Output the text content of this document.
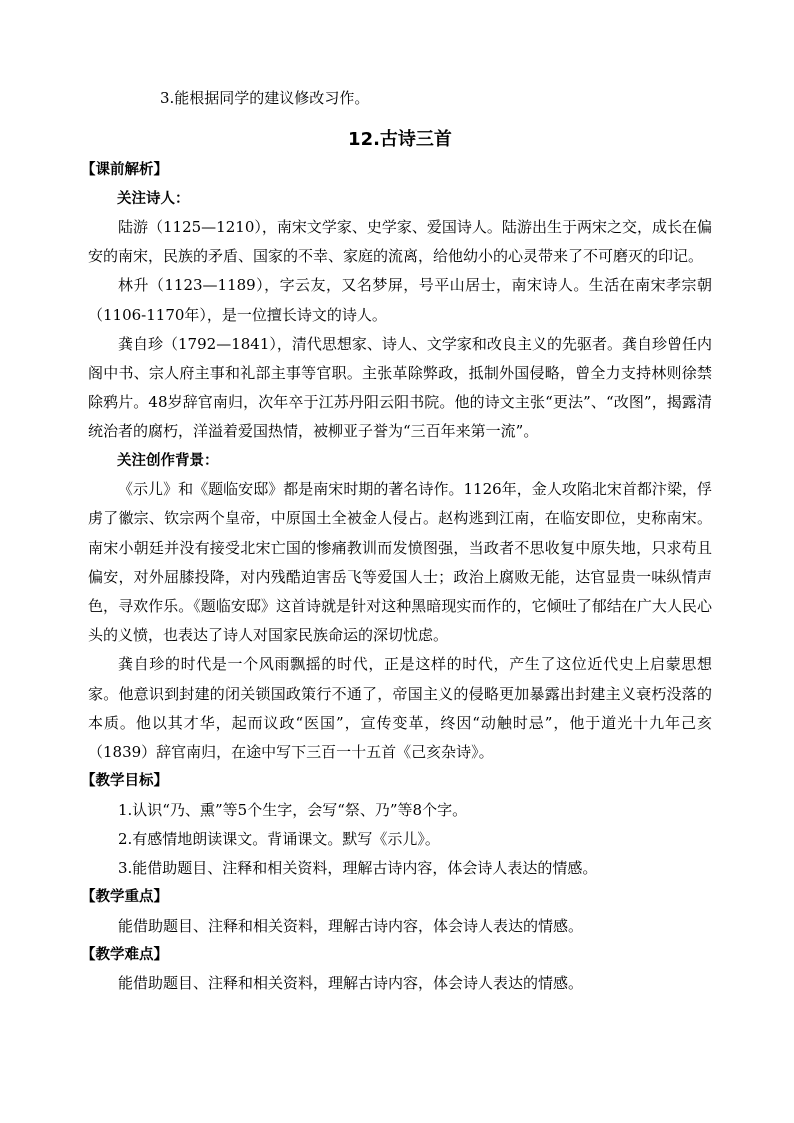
3.能根据同学的建议修改习作。
12.古诗三首
【课前解析】
关注诗人：

陆游（1125—1210），南宋文学家、史学家、爱国诗人。陆游出生于两宋之交，成长在偏安的南宋，民族的矛盾、国家的不幸、家庭的流离，给他幼小的心灵带来了不可磨灭的印记。

林升（1123—1189），字云友，又名梦屏，号平山居士，南宋诗人。生活在南宋孝宗朝（1106-1170年），是一位擅长诗文的诗人。

龚自珍（1792—1841），清代思想家、诗人、文学家和改良主义的先驱者。龚自珍曾任内阁中书、宗人府主事和礼部主事等官职。主张革除弊政，抵制外国侵略，曾全力支持林则徐禁除鸦片。48岁辞官南归，次年卒于江苏丹阳云阳书院。他的诗文主张“更法”、“改图”，揭露清统治者的腐朽，洋溢着爱国热情，被柳亚子誉为“三百年来第一流”。

关注创作背景：

《示儿》和《题临安邸》都是南宋时期的著名诗作。1126年，金人攻陷北宋首都汴梁，俘虏了徽宗、钦宗两个皇帝，中原国土全被金人侵占。赵构逃到江南，在临安即位，史称南宋。南宋小朝廷并没有接受北宋亡国的惨痛教训而发愤图强，当政者不思收复中原失地，只求苟且偏安，对外屈膝投降，对内残酷迫害岳飞等爱国人士；政治上腐败无能，达官显贵一味纵情声色，寻欢作乐。《题临安邸》这首诗就是针对这种黑暗现实而作的，它倾吐了郁结在广大人民心头的义愤，也表达了诗人对国家民族命运的深切忧虑。

龚自珍的时代是一个风雨飘摇的时代，正是这样的时代，产生了这位近代史上启蒙思想家。他意识到封建的闭关锁国政策行不通了，帝国主义的侵略更加暴露出封建主义衰朽没落的本质。他以其才华，起而议政“医国”，宣传变革，终因“动触时忌”，他于道光十九年己亥（1839）辞官南归，在途中写下三百一十五首《己亥杂诗》。

【教学目标】
1.认识“乃、熏”等5个生字，会写“祭、乃”等8个字。
2.有感情地朗读课文。背诵课文。默写《示儿》。
3.能借助题目、注释和相关资料，理解古诗内容，体会诗人表达的情感。
【教学重点】
能借助题目、注释和相关资料，理解古诗内容，体会诗人表达的情感。
【教学难点】
能借助题目、注释和相关资料，理解古诗内容，体会诗人表达的情感。
